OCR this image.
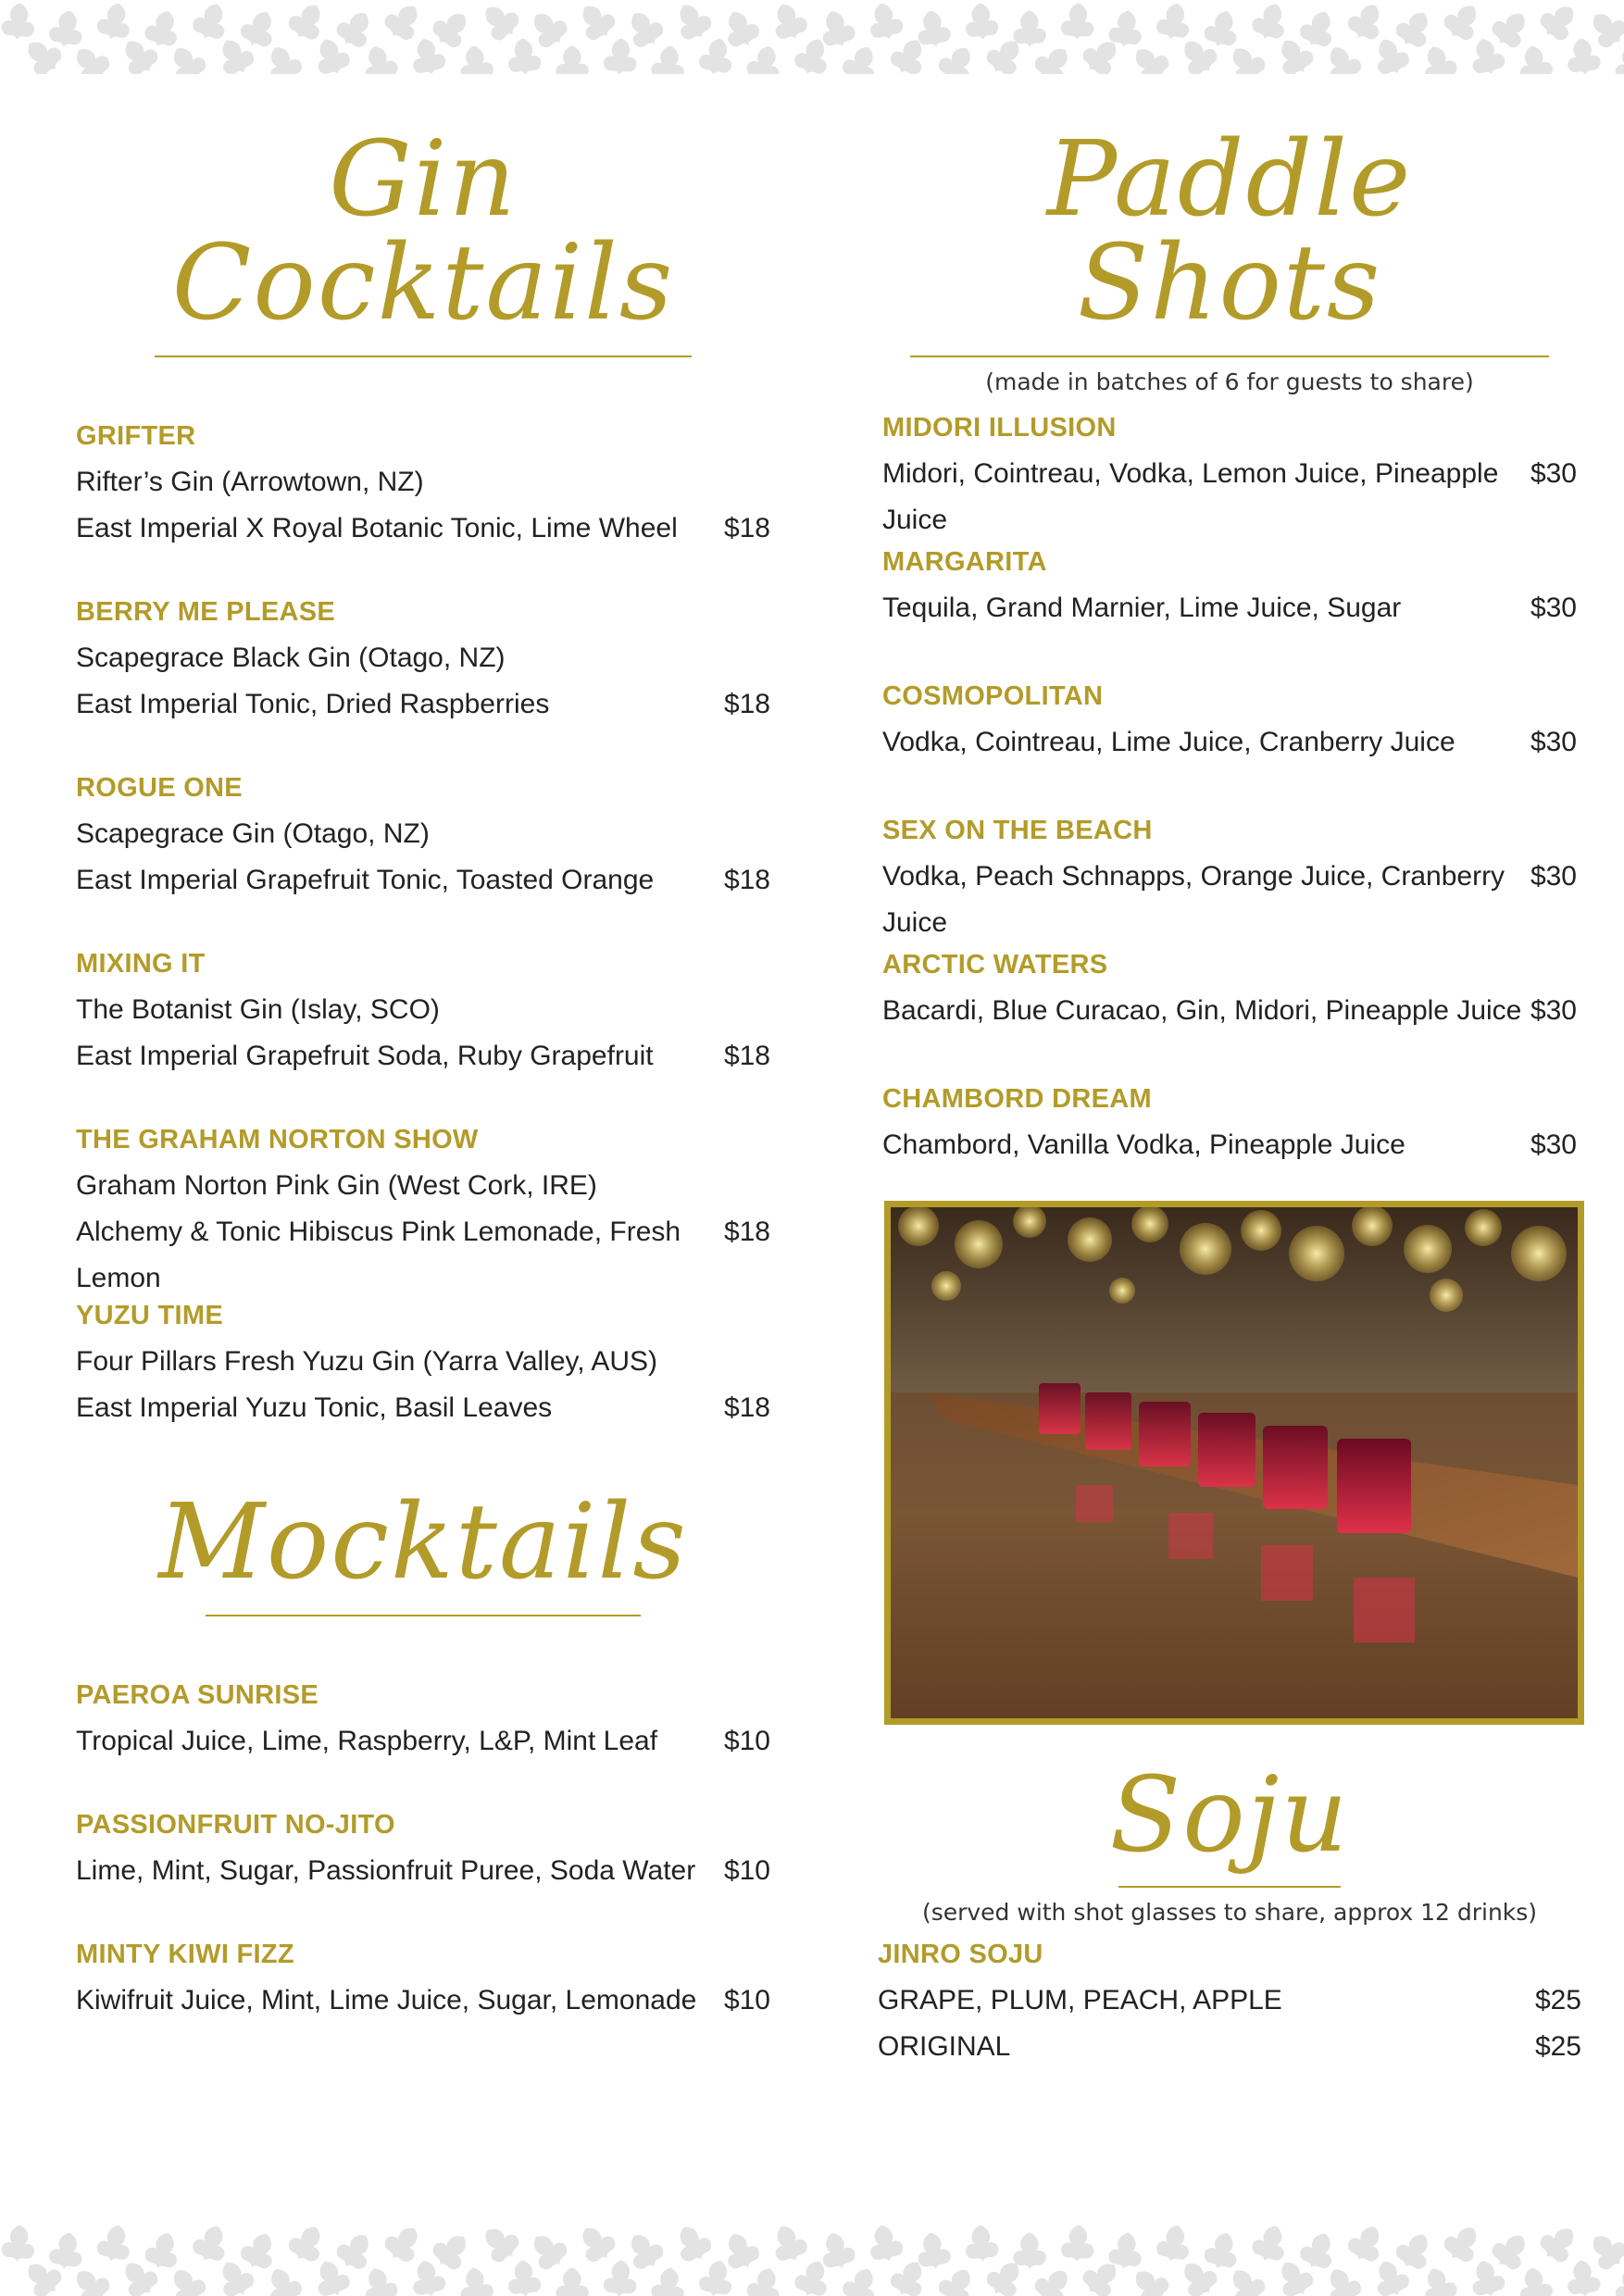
Gin Cocktails
GRIFTER
Rifter’s Gin (Arrowtown, NZ)
East Imperial X Royal Botanic Tonic, Lime Wheel $18
BERRY ME PLEASE
Scapegrace Black Gin (Otago, NZ)
East Imperial Tonic, Dried Raspberries	$18
ROGUE ONE
Scapegrace Gin (Otago, NZ)
East Imperial Grapefruit Tonic, Toasted Orange	$18
MIXING IT
The Botanist Gin (Islay, SCO)
East Imperial Grapefruit Soda, Ruby Grapefruit	$18
THE GRAHAM NORTON SHOW
Graham Norton Pink Gin (West Cork, IRE)
Alchemy & Tonic Hibiscus Pink Lemonade, Fresh Lemon
$18
YUZU TIME
Four Pillars Fresh Yuzu Gin (Yarra Valley, AUS)
East Imperial Yuzu Tonic, Basil Leaves	$18
Mocktails
PAEROA SUNRISE
Tropical Juice, Lime, Raspberry, L&P, Mint Leaf $10
PASSIONFRUIT NO-JITO
Lime, Mint, Sugar, Passionfruit Puree, Soda Water $10
MINTY KIWI FIZZ
Kiwifruit Juice, Mint, Lime Juice, Sugar, Lemonade $10
Paddle Shots
(made in batches of 6 for guests to share)
MIDORI ILLUSION
Midori, Cointreau, Vodka, Lemon Juice, Pineapple Juice
$30
MARGARITA
Tequila, Grand Marnier, Lime Juice, Sugar	$30
COSMOPOLITAN
Vodka, Cointreau, Lime Juice, Cranberry Juice	$30
SEX ON THE BEACH
Vodka, Peach Schnapps, Orange Juice, Cranberry Juice
$30
ARCTIC WATERS
Bacardi, Blue Curacao, Gin, Midori, Pineapple Juice $30
CHAMBORD DREAM
Chambord, Vanilla Vodka, Pineapple Juice	$30
Soju
(served with shot glasses to share, approx 12 drinks)
JINRO SOJU
GRAPE, PLUM, PEACH, APPLE	$25
ORIGINAL	$25
